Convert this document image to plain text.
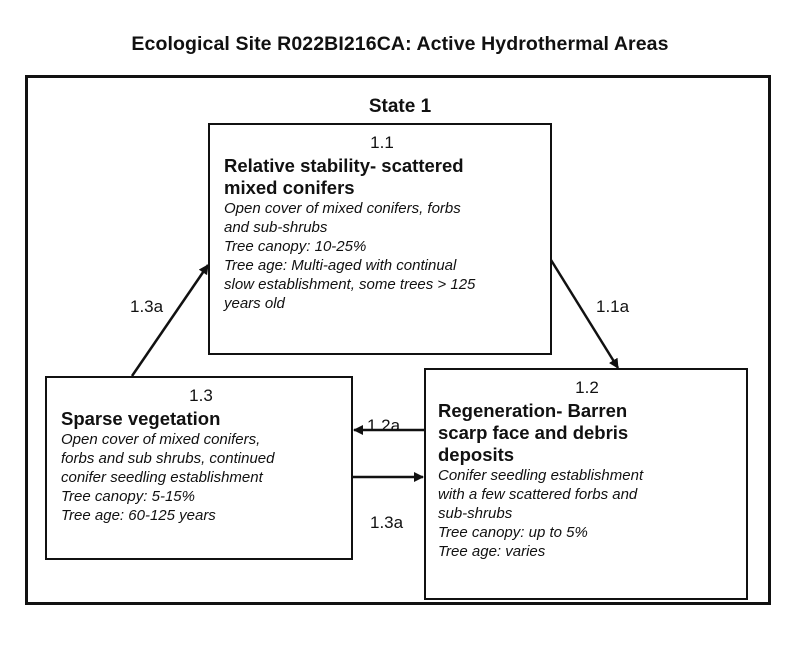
Ecological Site R022BI216CA: Active Hydrothermal Areas
State 1
1.1
Relative stability- scattered
mixed conifers
Open cover of mixed conifers, forbs
and sub-shrubs
Tree canopy: 10-25%
Tree age: Multi-aged with continual
slow establishment, some trees > 125
years old
1.2
Regeneration- Barren
scarp face and debris
deposits
Conifer seedling establishment
with a few scattered forbs and
sub-shrubs
Tree canopy: up to 5%
Tree age: varies
1.3
Sparse vegetation
Open cover of mixed conifers,
forbs and sub shrubs, continued
conifer seedling establishment
Tree canopy: 5-15%
Tree age: 60-125 years
1.3a	1.1a
1.2a
1.3a
